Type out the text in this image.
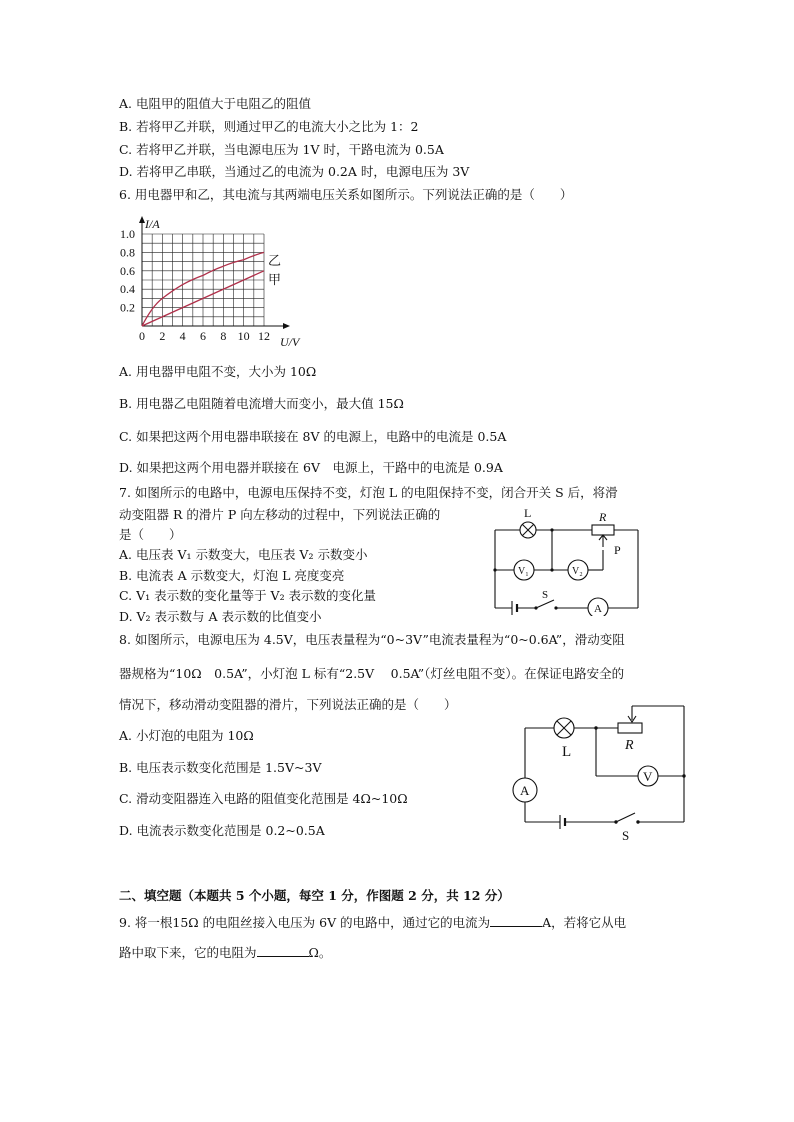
A. 电阻甲的阻值大于电阻乙的阻值
B. 若将甲乙并联，则通过甲乙的电流大小之比为 1：2
C. 若将甲乙并联，当电源电压为 1V 时，干路电流为 0.5A
D. 若将甲乙串联，当通过乙的电流为 0.2A 时，电源电压为 3V
6. 用电器甲和乙，其电流与其两端电压关系如图所示。下列说法正确的是（　　）
0 2 4 6 8 10 12
0.2
0.4
0.6
0.8
1.0
I/A
U/V
乙
甲
A. 用电器甲电阻不变，大小为 10Ω
B. 用电器乙电阻随着电流增大而变小，最大值 15Ω
C. 如果把这两个用电器串联接在 8V 的电源上，电路中的电流是 0.5A
D. 如果把这两个用电器并联接在 6V　电源上，干路中的电流是 0.9A
7. 如图所示的电路中，电源电压保持不变，灯泡 L 的电阻保持不变，闭合开关 S 后，将滑
动变阻器 R 的滑片 P 向左移动的过程中，下列说法正确的
是（　　）
A. 电压表 V₁ 示数变大，电压表 V₂ 示数变小
B. 电流表 A 示数变大，灯泡 L 亮度变亮
C. V₁ 表示数的变化量等于 V₂ 表示数的变化量
D. V₂ 表示数与 A 表示数的比值变小
L	R
P
V₁	V₂
S
A
8. 如图所示，电源电压为 4.5V，电压表量程为“0~3V”电流表量程为“0~0.6A”，滑动变阻
器规格为“10Ω　0.5A”，小灯泡 L 标有“2.5V　 0.5A”（灯丝电阻不变）。在保证电路安全的
情况下，移动滑动变阻器的滑片，下列说法正确的是（　　）
A. 小灯泡的电阻为 10Ω
B. 电压表示数变化范围是 1.5V~3V
C. 滑动变阻器连入电路的阻值变化范围是 4Ω~10Ω
D. 电流表示数变化范围是 0.2~0.5A
L	R
V
A
S
二、填空题（本题共 5 个小题，每空 1 分，作图题 2 分，共 12 分）
9. 将一根15Ω 的电阻丝接入电压为 6V 的电路中，通过它的电流为	A，若将它从电
路中取下来，它的电阻为	Ω。
